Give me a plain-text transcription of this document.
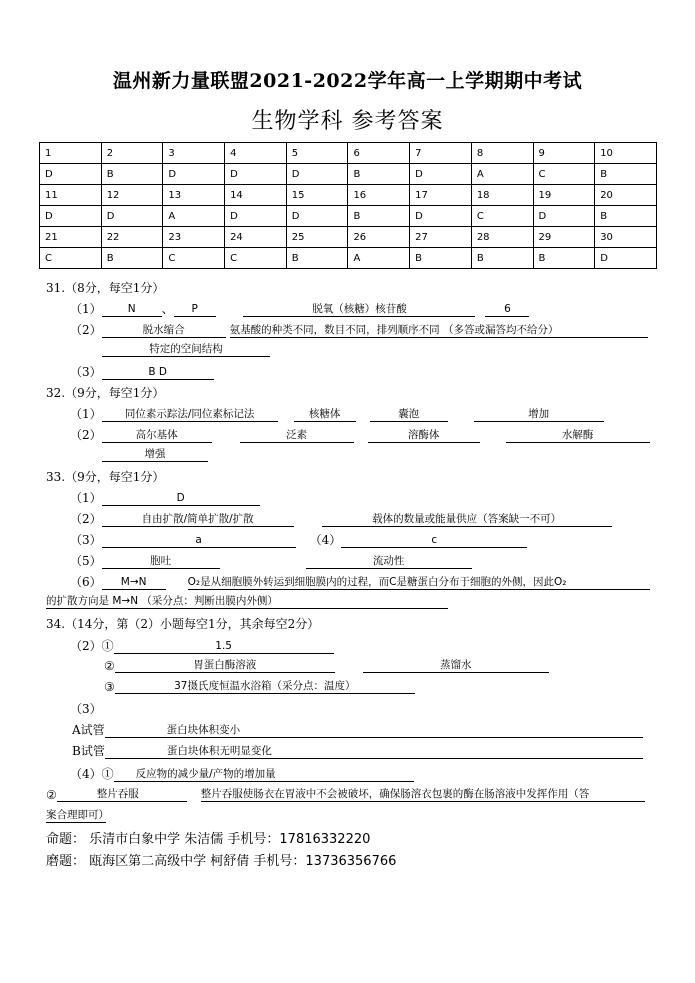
温州新力量联盟2021-2022学年高一上学期期中考试
生物学科 参考答案
1	2	3	4	5	6	7	8	9	10
D	B	D	D	D	B	D	A	C	B
11	12	13	14	15	16	17	18	19	20
D	D	A	D	D	B	D	C	D	B
21	22	23	24	25	26	27	28	29	30
C	B	C	C	B	A	B	B	B	D
31.（8分，每空1分）
（1） N 、 P	脱氧（核糖）核苷酸	6
（2）	脱水缩合	氨基酸的种类不同，数目不同，排列顺序不同 （多答或漏答均不给分）
特定的空间结构
（3）	B D
32.（9分，每空1分）
（1） 同位素示踪法/同位素标记法	核糖体	囊泡	增加
（2）	高尔基体	泛素	溶酶体	水解酶
增强
33.（9分，每空1分）
（1）	D
（2）	自由扩散/简单扩散/扩散	载体的数量或能量供应（答案缺一不可）
（3）	a	（4）	c
（5）	胞吐	流动性
（6） M→N	O₂是从细胞膜外转运到细胞膜内的过程，而C是糖蛋白分布于细胞的外侧，因此O₂
的扩散方向是 M→N （采分点：判断出膜内外侧）
34.（14分，第（2）小题每空1分，其余每空2分）
（2）①	1.5
②	胃蛋白酶溶液	蒸馏水
③	37摄氏度恒温水浴箱（采分点：温度）
（3）
A试管	蛋白块体积变小
B试管	蛋白块体积无明显变化
（4）① 反应物的减少量/产物的增加量
②	整片吞服	整片吞服使肠衣在胃液中不会被破坏，确保肠溶衣包裹的酶在肠溶液中发挥作用（答
案合理即可）
命题： 乐清市白象中学 朱洁儒 手机号：17816332220
磨题： 瓯海区第二高级中学 柯舒倩 手机号：13736356766
